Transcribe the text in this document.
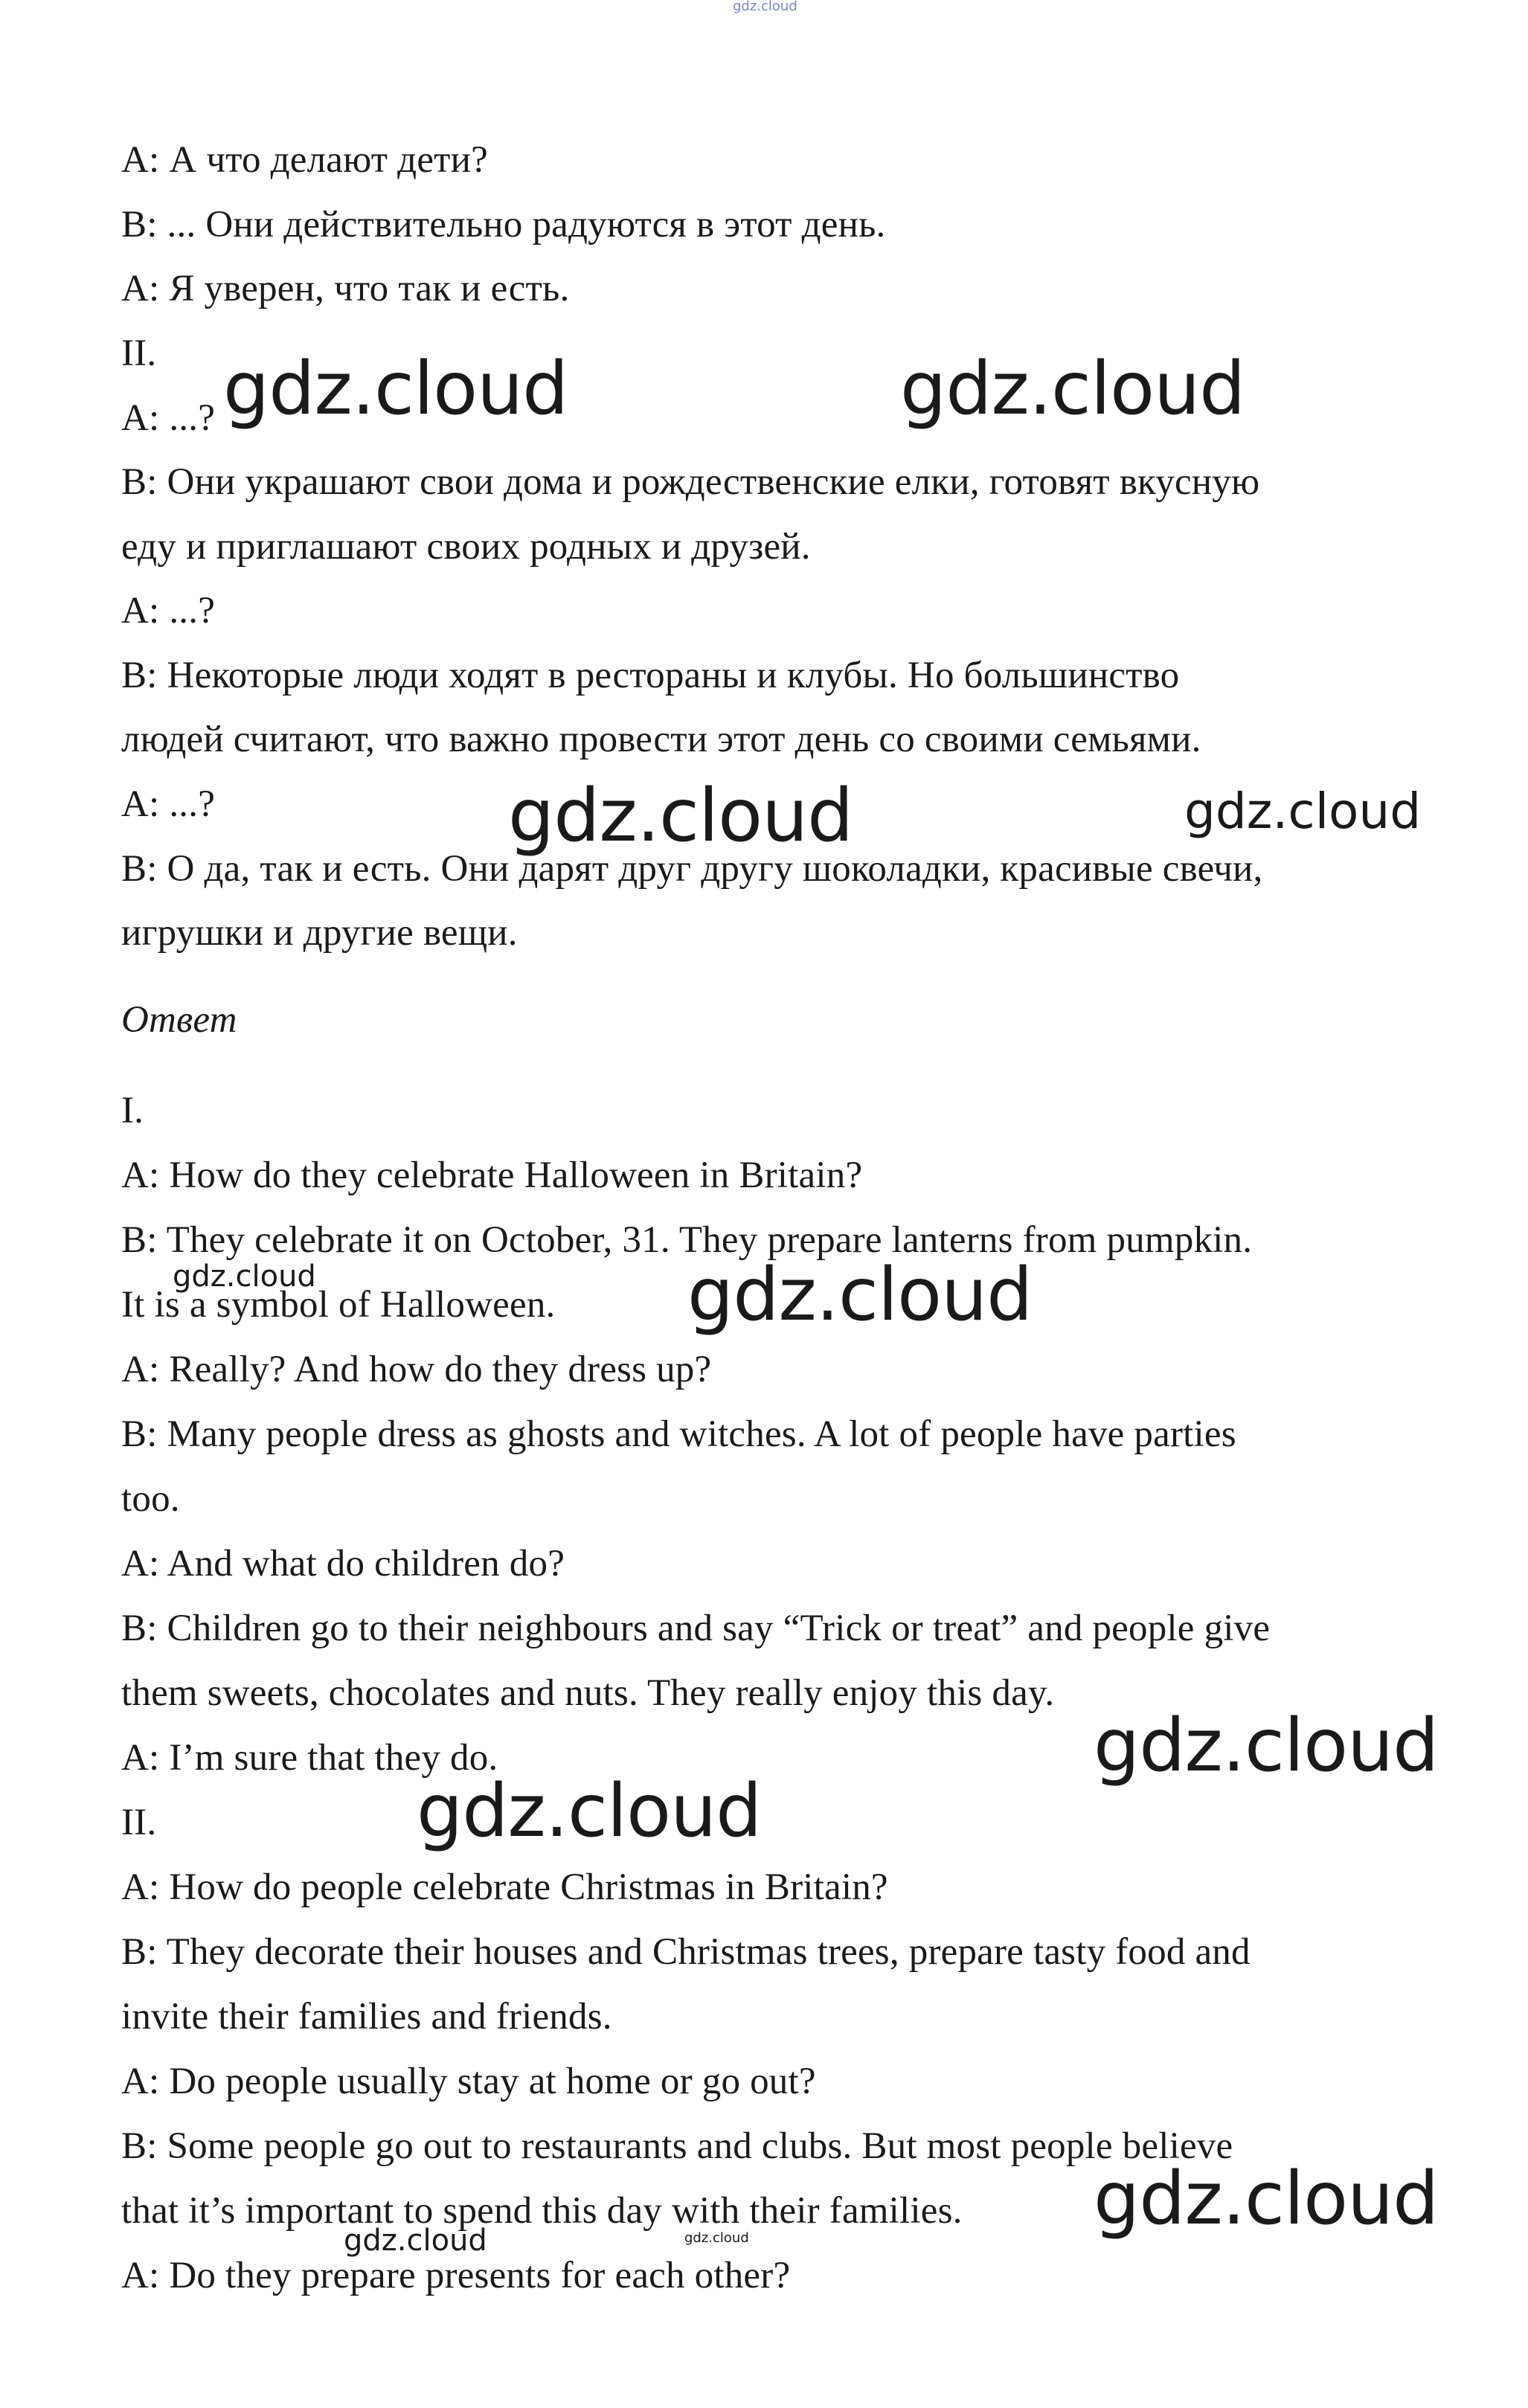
А: А что делают дети?
В: ... Они действительно радуются в этот день.
А: Я уверен, что так и есть.
II.
А: ...?
В: Они украшают свои дома и рождественские елки, готовят вкусную
еду и приглашают своих родных и друзей.
А: ...?
В: Некоторые люди ходят в рестораны и клубы. Но большинство
людей считают, что важно провести этот день со своими семьями.
А: ...?
В: О да, так и есть. Они дарят друг другу шоколадки, красивые свечи,
игрушки и другие вещи.
Ответ
I.
A: How do they celebrate Halloween in Britain?
B: They celebrate it on October, 31. They prepare lanterns from pumpkin.
It is a symbol of Halloween.
A: Really? And how do they dress up?
B: Many people dress as ghosts and witches. A lot of people have parties
too.
A: And what do children do?
B: Children go to their neighbours and say “Trick or treat” and people give
them sweets, chocolates and nuts. They really enjoy this day.
A: I’m sure that they do.
II.
A: How do people celebrate Christmas in Britain?
B: They decorate their houses and Christmas trees, prepare tasty food and
invite their families and friends.
A: Do people usually stay at home or go out?
B: Some people go out to restaurants and clubs. But most people believe
that it’s important to spend this day with their families.
A: Do they prepare presents for each other?
gdz.cloud
gdz.cloud	gdz.cloud
gdz.cloud	gdz.cloud
gdz.cloud	gdz.cloud
gdz.cloud
gdz.cloud
gdz.cloud
gdz.cloud	gdz.cloud
